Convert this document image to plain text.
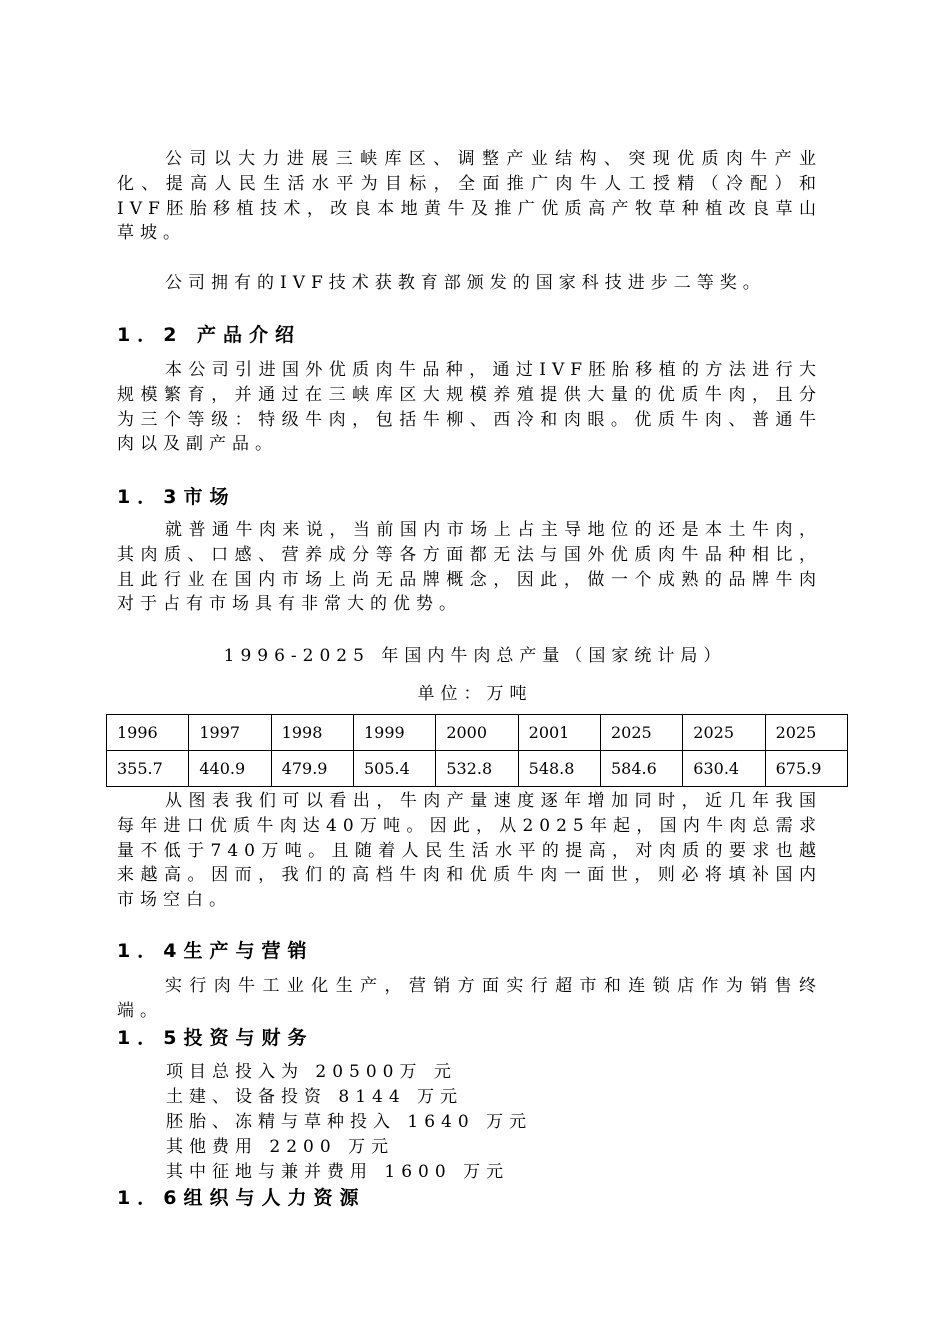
公司以大力进展三峡库区、调整产业结构、突现优质肉牛产业化、提高人民生活水平为目标，全面推广肉牛人工授精（冷配）和IVF胚胎移植技术，改良本地黄牛及推广优质高产牧草种植改良草山草坡。

公司拥有的IVF技术获教育部颁发的国家科技进步二等奖。

1．2 产品介绍

本公司引进国外优质肉牛品种，通过IVF胚胎移植的方法进行大规模繁育，并通过在三峡库区大规模养殖提供大量的优质牛肉，且分为三个等级：特级牛肉，包括牛柳、西冷和肉眼。优质牛肉、普通牛肉以及副产品。

1．3市场

就普通牛肉来说，当前国内市场上占主导地位的还是本土牛肉，其肉质、口感、营养成分等各方面都无法与国外优质肉牛品种相比，且此行业在国内市场上尚无品牌概念，因此，做一个成熟的品牌牛肉对于占有市场具有非常大的优势。

1996-2025 年国内牛肉总产量（国家统计局）

单位：万吨

1996	1997	1998	1999	2000	2001	2025	2025	2025
355.7	440.9	479.9	505.4	532.8	548.8	584.6	630.4	675.9

从图表我们可以看出，牛肉产量速度逐年增加同时，近几年我国每年进口优质牛肉达40万吨。因此，从2025年起，国内牛肉总需求量不低于740万吨。且随着人民生活水平的提高，对肉质的要求也越来越高。因而，我们的高档牛肉和优质牛肉一面世，则必将填补国内市场空白。

1．4生产与营销

实行肉牛工业化生产，营销方面实行超市和连锁店作为销售终端。

1．5投资与财务

项目总投入为 20500万 元

土建、设备投资 8144 万元

胚胎、冻精与草种投入 1640 万元

其他费用 2200 万元

其中征地与兼并费用 1600 万元

1．6组织与人力资源
